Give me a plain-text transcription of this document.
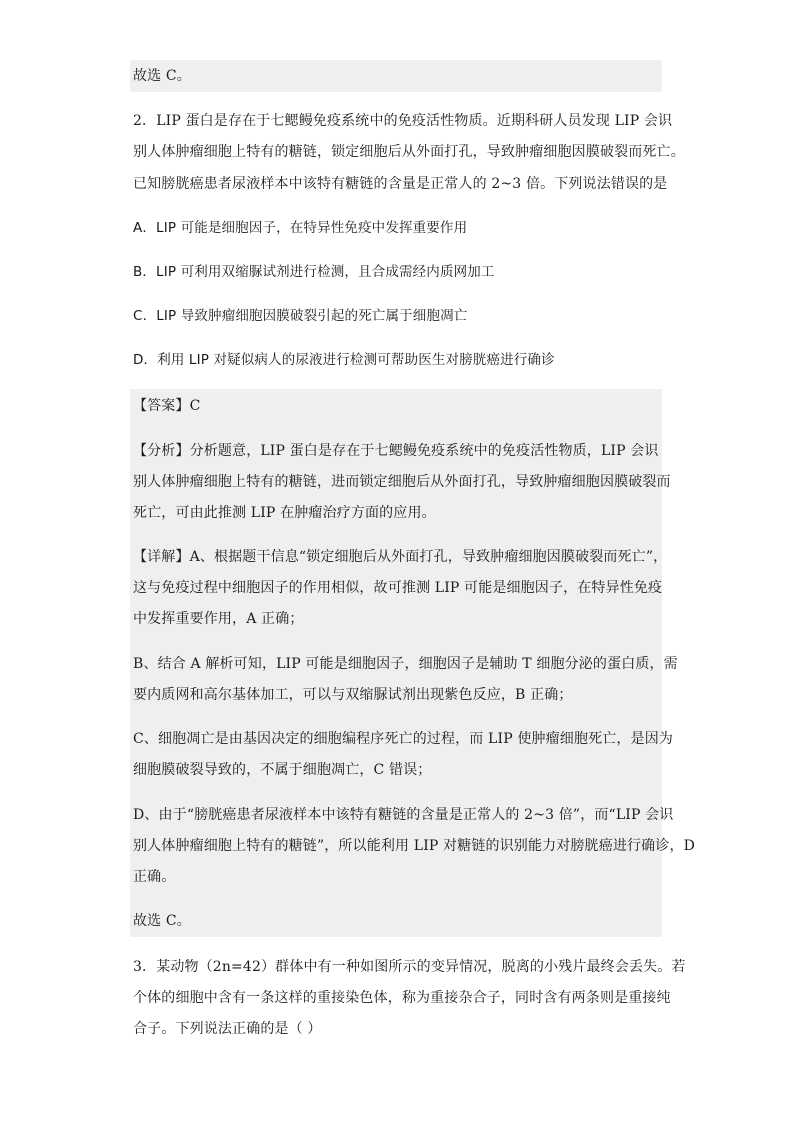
故选 C。
2．LIP 蛋白是存在于七鳃鳗免疫系统中的免疫活性物质。近期科研人员发现 LIP 会识
别人体肿瘤细胞上特有的糖链，锁定细胞后从外面打孔，导致肿瘤细胞因膜破裂而死亡。
已知膀胱癌患者尿液样本中该特有糖链的含量是正常人的 2~3 倍。下列说法错误的是
A．LIP 可能是细胞因子，在特异性免疫中发挥重要作用
B．LIP 可利用双缩脲试剂进行检测，且合成需经内质网加工
C．LIP 导致肿瘤细胞因膜破裂引起的死亡属于细胞凋亡
D．利用 LIP 对疑似病人的尿液进行检测可帮助医生对膀胱癌进行确诊
【答案】C
【分析】分析题意，LIP 蛋白是存在于七鳃鳗免疫系统中的免疫活性物质，LIP 会识
别人体肿瘤细胞上特有的糖链，进而锁定细胞后从外面打孔，导致肿瘤细胞因膜破裂而
死亡，可由此推测 LIP 在肿瘤治疗方面的应用。
【详解】A、根据题干信息“锁定细胞后从外面打孔，导致肿瘤细胞因膜破裂而死亡”，
这与免疫过程中细胞因子的作用相似，故可推测 LIP 可能是细胞因子，在特异性免疫
中发挥重要作用，A 正确；
B、结合 A 解析可知，LIP 可能是细胞因子，细胞因子是辅助 T 细胞分泌的蛋白质，需
要内质网和高尔基体加工，可以与双缩脲试剂出现紫色反应，B 正确；
C、细胞凋亡是由基因决定的细胞编程序死亡的过程，而 LIP 使肿瘤细胞死亡，是因为
细胞膜破裂导致的，不属于细胞凋亡，C 错误；
D、由于“膀胱癌患者尿液样本中该特有糖链的含量是正常人的 2~3 倍”，而“LIP 会识
别人体肿瘤细胞上特有的糖链”，所以能利用 LIP 对糖链的识别能力对膀胱癌进行确诊，D
正确。
故选 C。
3．某动物（2n=42）群体中有一种如图所示的变异情况，脱离的小残片最终会丢失。若
个体的细胞中含有一条这样的重接染色体，称为重接杂合子，同时含有两条则是重接纯
合子。下列说法正确的是（ ）
